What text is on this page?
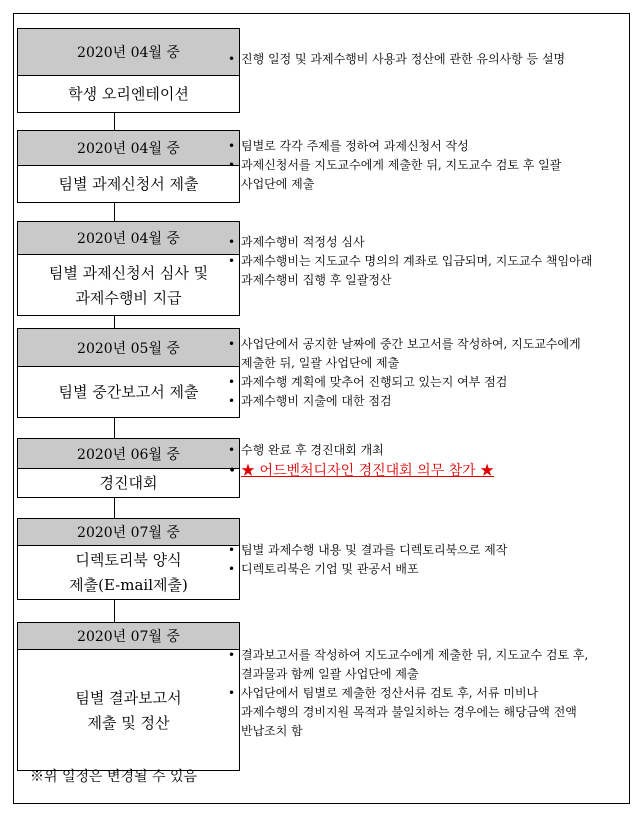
2020년 04월 중
학생 오리엔테이션
• 진행 일정 및 과제수행비 사용과 정산에 관한 유의사항 등 설명
2020년 04월 중
팀별 과제신청서 제출
• 팀별로 각각 주제를 정하여 과제신청서 작성
• 과제신청서를 지도교수에게 제출한 뒤, 지도교수 검토 후 일괄 사업단에 제출
2020년 04월 중
팀별 과제신청서 심사 및
과제수행비 지급
• 과제수행비 적정성 심사
• 과제수행비는 지도교수 명의의 계좌로 입금되며, 지도교수 책임아래 과제수행비 집행 후 일괄정산
2020년 05월 중
팀별 중간보고서 제출
• 사업단에서 공지한 날짜에 중간 보고서를 작성하여, 지도교수에게 제출한 뒤, 일괄 사업단에 제출
• 과제수행 계획에 맞추어 진행되고 있는지 여부 점검
• 과제수행비 지출에 대한 점검
2020년 06월 중
경진대회
• 수행 완료 후 경진대회 개최
• ★ 어드벤처디자인 경진대회 의무 참가 ★
2020년 07월 중
디렉토리북 양식
제출(E-mail제출)
• 팀별 과제수행 내용 및 결과를 디렉토리북으로 제작
• 디렉토리북은 기업 및 관공서 배포
2020년 07월 중
팀별 결과보고서
제출 및 정산
• 결과보고서를 작성하여 지도교수에게 제출한 뒤, 지도교수 검토 후, 결과물과 함께 일괄 사업단에 제출
• 사업단에서 팀별로 제출한 정산서류 검토 후, 서류 미비나 과제수행의 경비지원 목적과 불일치하는 경우에는 해당금액 전액 반납조치 함
※위 일정은 변경될 수 있음
